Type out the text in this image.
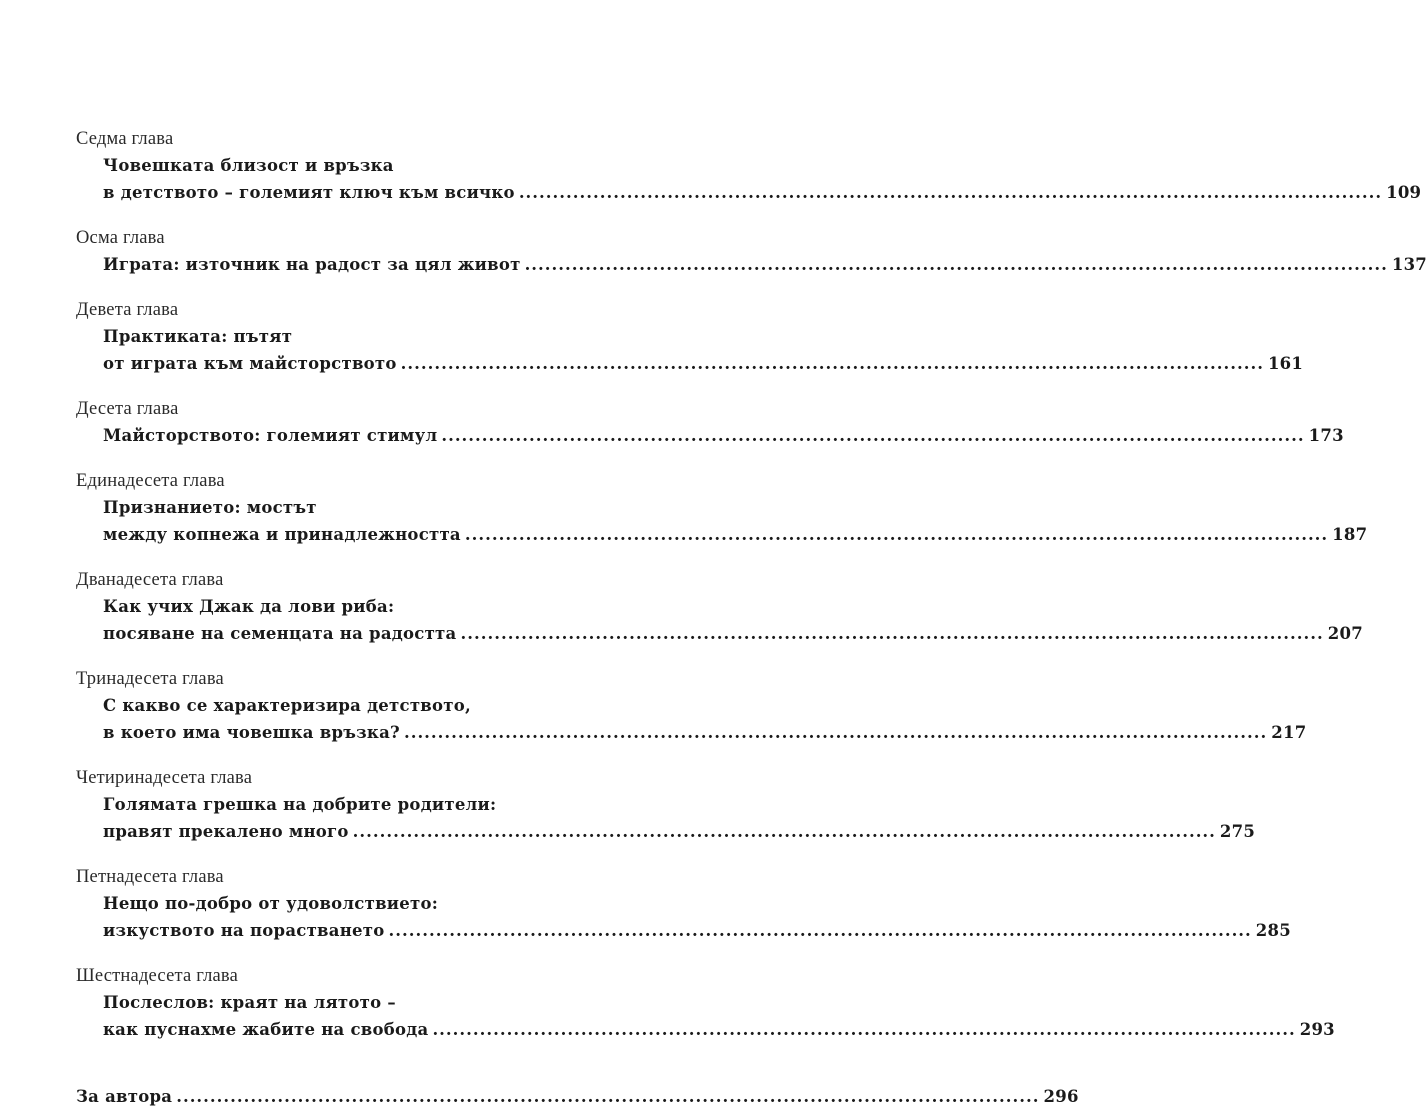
Седма глава
Човешката близост и връзка
в детството – големият ключ към всичко ................................................................................................................................ 109
Осма глава
Играта: източник на радост за цял живот ................................................................................................................................ 137
Девета глава
Практиката: пътят
от играта към майсторството ................................................................................................................................ 161
Десета глава
Майсторството: големият стимул ................................................................................................................................ 173
Единадесета глава
Признанието: мостът
между копнежа и принадлежността ................................................................................................................................ 187
Дванадесета глава
Как учих Джак да лови риба:
посяване на семенцата на радостта ................................................................................................................................ 207
Тринадесета глава
С какво се характеризира детството,
в което има човешка връзка? ................................................................................................................................ 217
Четиринадесета глава
Голямата грешка на добрите родители:
правят прекалено много ................................................................................................................................ 275
Петнадесета глава
Нещо по-добро от удоволствието:
изкуството на порастването ................................................................................................................................ 285
Шестнадесета глава
Послеслов: краят на лятото –
как пуснахме жабите на свобода ................................................................................................................................ 293
За автора ................................................................................................................................ 296
